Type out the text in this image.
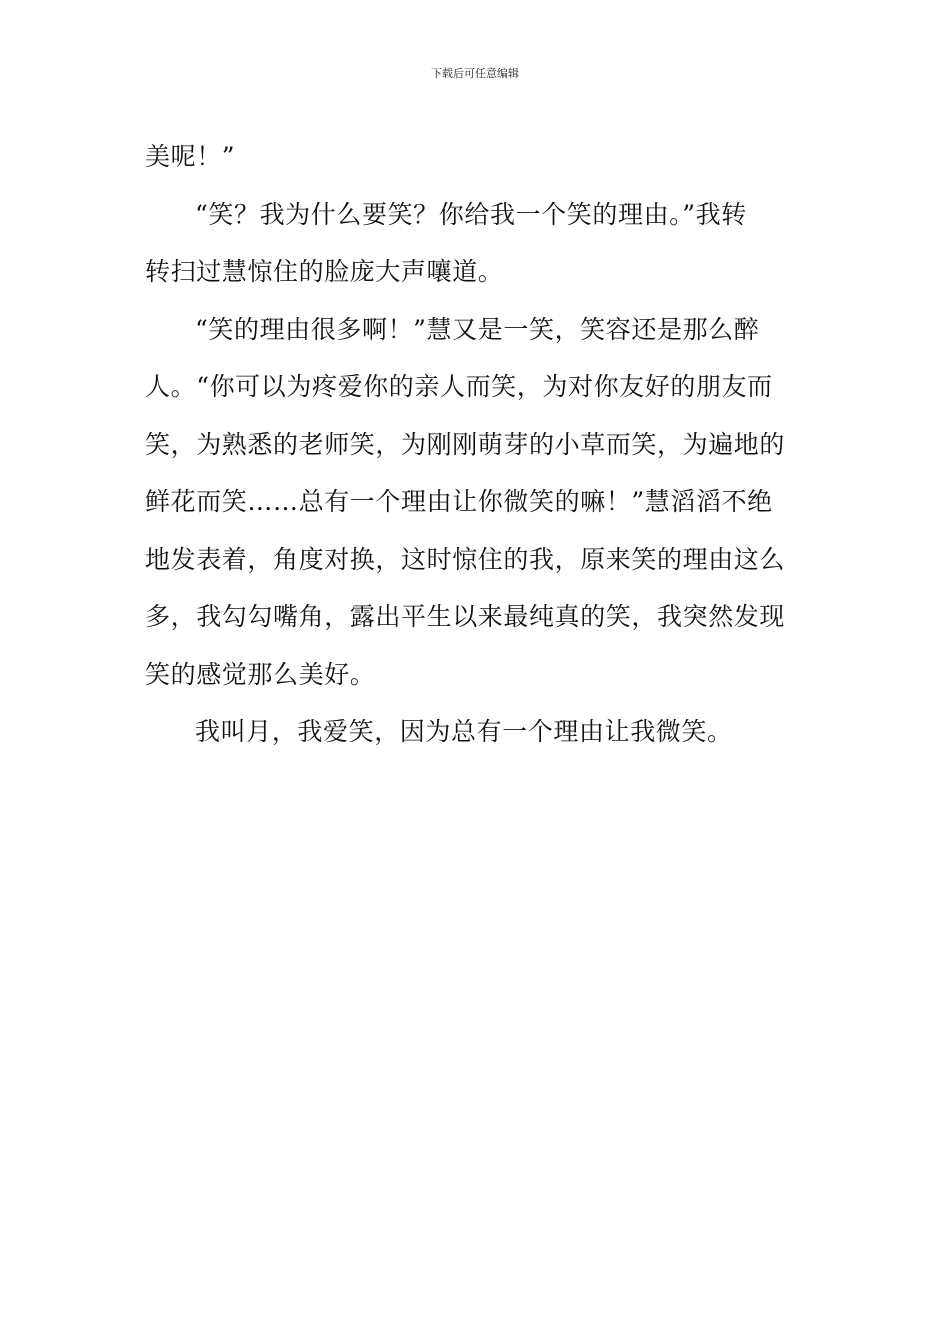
下载后可任意编辑
美呢！”
“笑？我为什么要笑？你给我一个笑的理由。”我转
转扫过慧惊住的脸庞大声嚷道。
“笑的理由很多啊！”慧又是一笑，笑容还是那么醉
人。“你可以为疼爱你的亲人而笑，为对你友好的朋友而
笑，为熟悉的老师笑，为刚刚萌芽的小草而笑，为遍地的
鲜花而笑……总有一个理由让你微笑的嘛！”慧滔滔不绝
地发表着，角度对换，这时惊住的我，原来笑的理由这么
多，我勾勾嘴角，露出平生以来最纯真的笑，我突然发现
笑的感觉那么美好。
我叫月，我爱笑，因为总有一个理由让我微笑。
